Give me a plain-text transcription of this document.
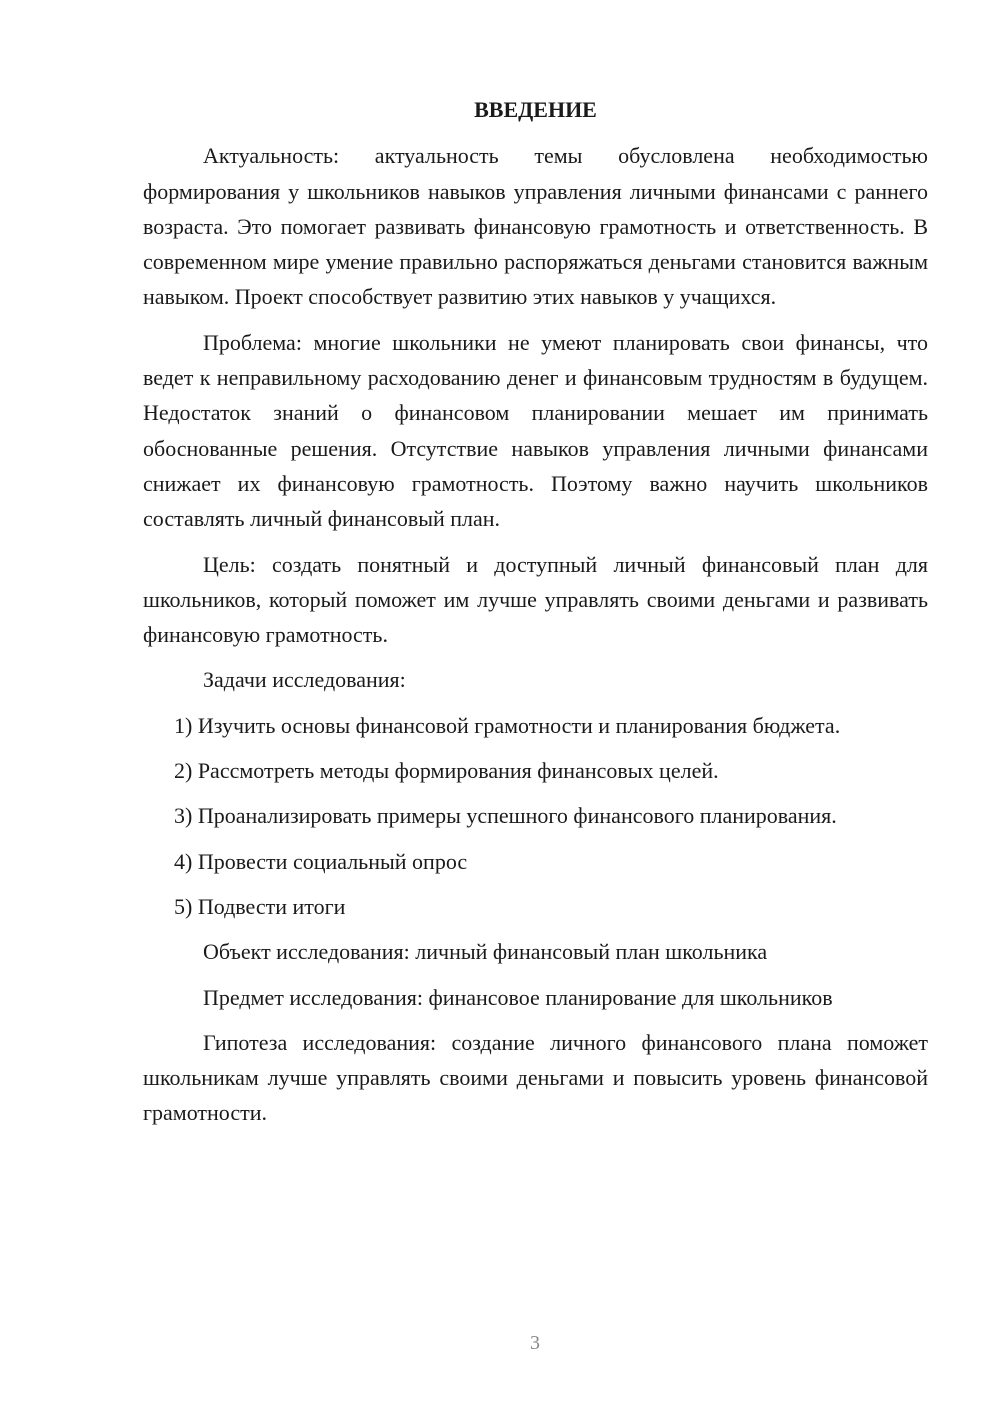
ВВЕДЕНИЕ

Актуальность: актуальность темы обусловлена необходимостью формирования у школьников навыков управления личными финансами с раннего возраста. Это помогает развивать финансовую грамотность и ответственность. В современном мире умение правильно распоряжаться деньгами становится важным навыком. Проект способствует развитию этих навыков у учащихся.

Проблема: многие школьники не умеют планировать свои финансы, что ведет к неправильному расходованию денег и финансовым трудностям в будущем. Недостаток знаний о финансовом планировании мешает им принимать обоснованные решения. Отсутствие навыков управления личными финансами снижает их финансовую грамотность. Поэтому важно научить школьников составлять личный финансовый план.

Цель: создать понятный и доступный личный финансовый план для школьников, который поможет им лучше управлять своими деньгами и развивать финансовую грамотность.

Задачи исследования:

1) Изучить основы финансовой грамотности и планирования бюджета.

2) Рассмотреть методы формирования финансовых целей.

3) Проанализировать примеры успешного финансового планирования.

4) Провести социальный опрос

5) Подвести итоги

Объект исследования: личный финансовый план школьника

Предмет исследования: финансовое планирование для школьников

Гипотеза исследования: создание личного финансового плана поможет школьникам лучше управлять своими деньгами и повысить уровень финансовой грамотности.

3
